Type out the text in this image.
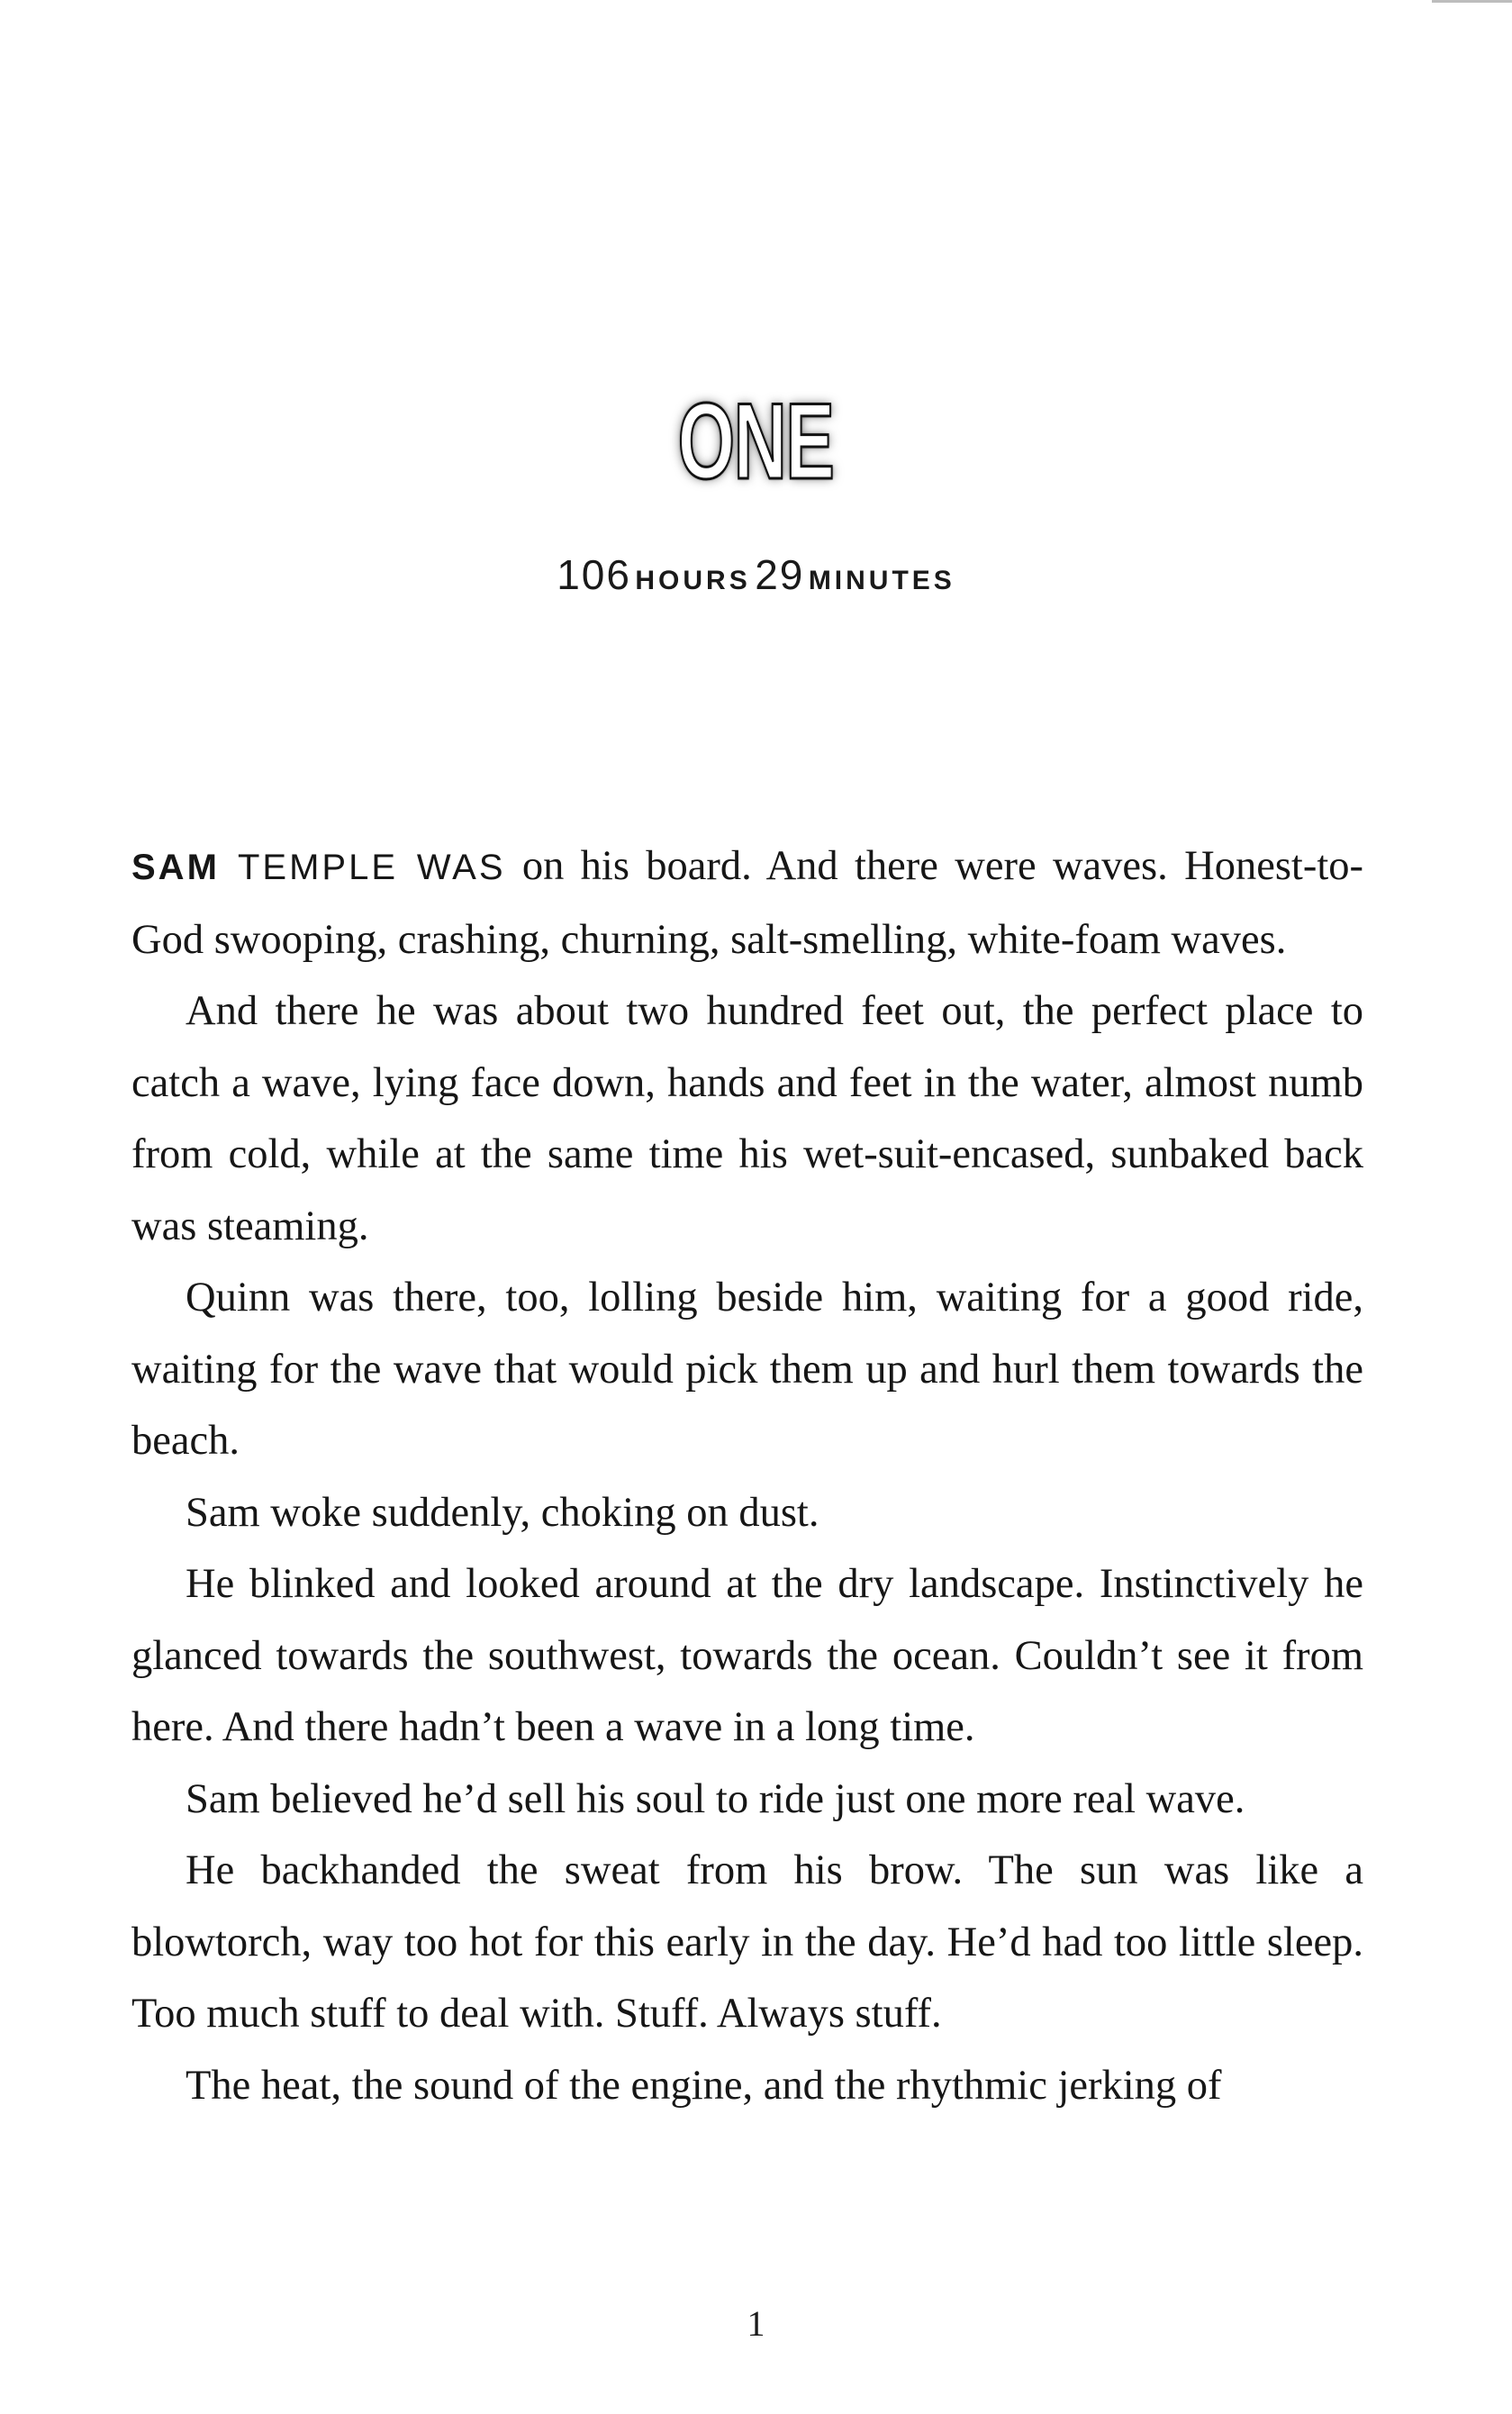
ONE
106 HOURS 29 MINUTES

SAM TEMPLE WAS on his board. And there were waves. Honest-to-God swooping, crashing, churning, salt-smelling, white-foam waves.

And there he was about two hundred feet out, the perfect place to catch a wave, lying face down, hands and feet in the water, almost numb from cold, while at the same time his wet-suit-encased, sunbaked back was steaming.

Quinn was there, too, lolling beside him, waiting for a good ride, waiting for the wave that would pick them up and hurl them towards the beach.

Sam woke suddenly, choking on dust.

He blinked and looked around at the dry landscape. Instinctively he glanced towards the southwest, towards the ocean. Couldn’t see it from here. And there hadn’t been a wave in a long time.

Sam believed he’d sell his soul to ride just one more real wave.

He backhanded the sweat from his brow. The sun was like a blowtorch, way too hot for this early in the day. He’d had too little sleep. Too much stuff to deal with. Stuff. Always stuff.

The heat, the sound of the engine, and the rhythmic jerking of

1
